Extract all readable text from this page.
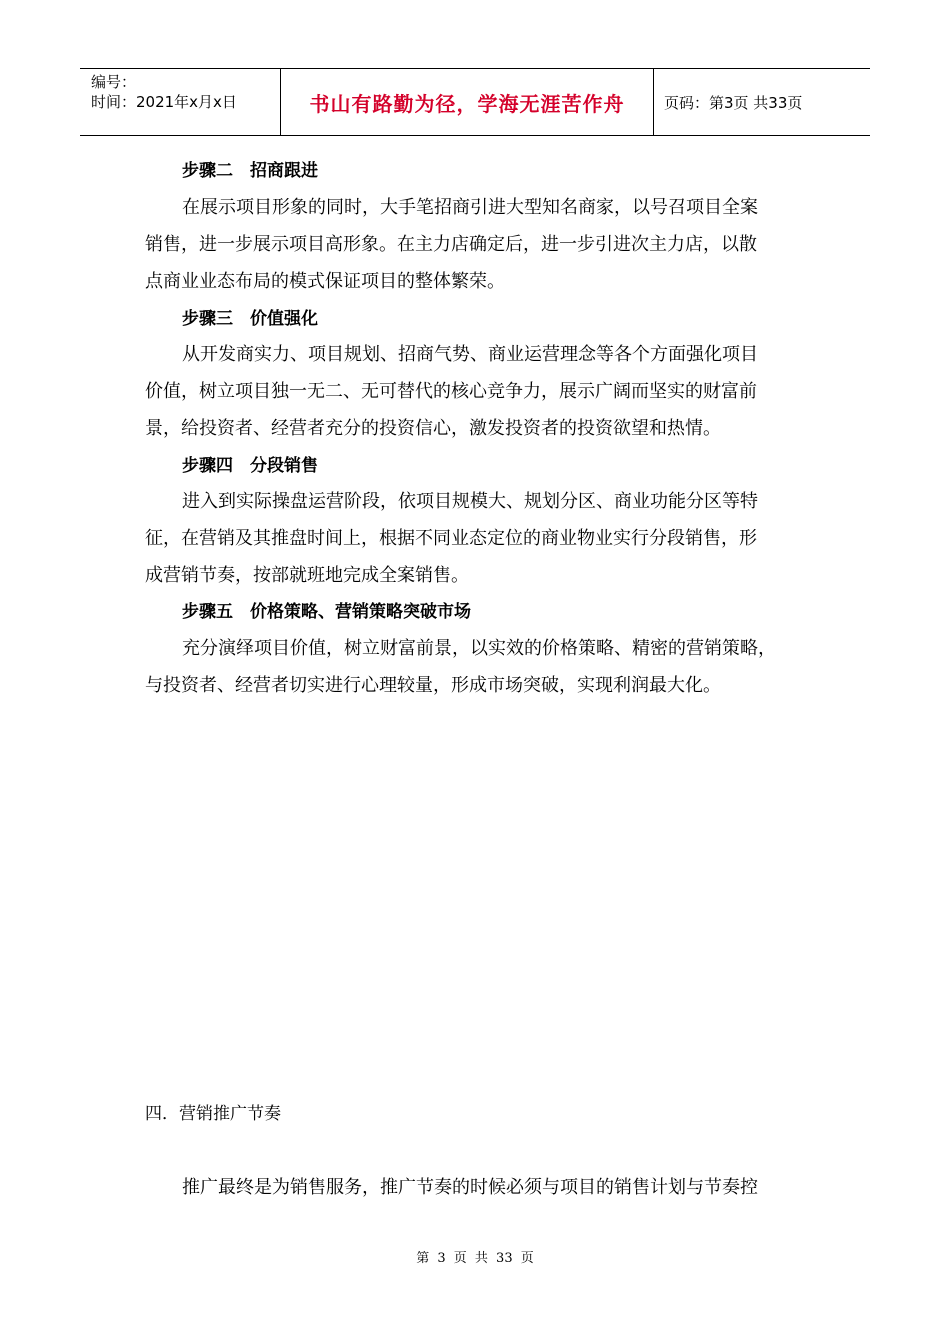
编号：
时间：2021年x月x日	书山有路勤为径，学海无涯苦作舟	页码：第3页 共33页
步骤二　招商跟进
在展示项目形象的同时，大手笔招商引进大型知名商家，以号召项目全案
销售，进一步展示项目高形象。在主力店确定后，进一步引进次主力店，以散
点商业业态布局的模式保证项目的整体繁荣。
步骤三　价值强化
从开发商实力、项目规划、招商气势、商业运营理念等各个方面强化项目
价值，树立项目独一无二、无可替代的核心竞争力，展示广阔而坚实的财富前
景，给投资者、经营者充分的投资信心，激发投资者的投资欲望和热情。
步骤四　分段销售
进入到实际操盘运营阶段，依项目规模大、规划分区、商业功能分区等特
征，在营销及其推盘时间上，根据不同业态定位的商业物业实行分段销售，形
成营销节奏，按部就班地完成全案销售。
步骤五　价格策略、营销策略突破市场
充分演绎项目价值，树立财富前景，以实效的价格策略、精密的营销策略，
与投资者、经营者切实进行心理较量，形成市场突破，实现利润最大化。
四．营销推广节奏
推广最终是为销售服务，推广节奏的时候必须与项目的销售计划与节奏控
第 3 页 共 33 页
